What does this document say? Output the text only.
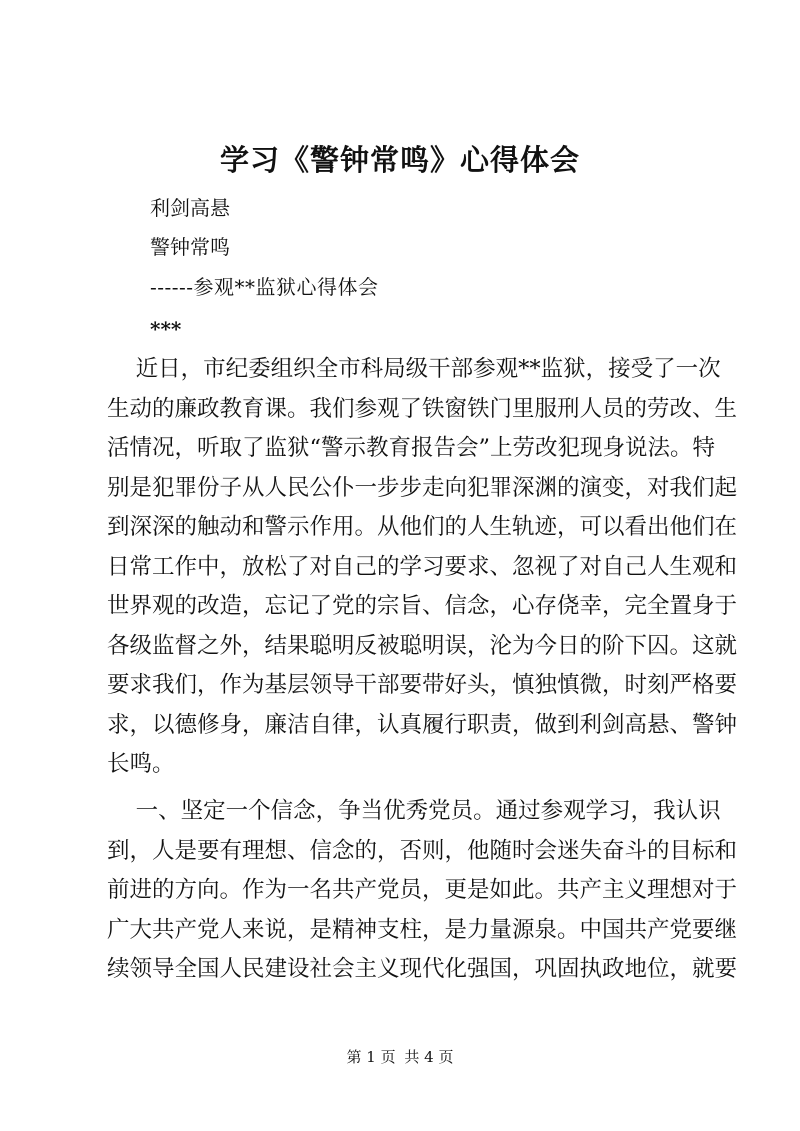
学习《警钟常鸣》心得体会
利剑高悬
警钟常鸣
------参观**监狱心得体会
***
近日，市纪委组织全市科局级干部参观**监狱，接受了一次
生动的廉政教育课。我们参观了铁窗铁门里服刑人员的劳改、生
活情况，听取了监狱“警示教育报告会”上劳改犯现身说法。特
别是犯罪份子从人民公仆一步步走向犯罪深渊的演变，对我们起
到深深的触动和警示作用。从他们的人生轨迹，可以看出他们在
日常工作中，放松了对自己的学习要求、忽视了对自己人生观和
世界观的改造，忘记了党的宗旨、信念，心存侥幸，完全置身于
各级监督之外，结果聪明反被聪明误，沦为今日的阶下囚。这就
要求我们，作为基层领导干部要带好头，慎独慎微，时刻严格要
求，以德修身，廉洁自律，认真履行职责，做到利剑高悬、警钟
长鸣。
一、坚定一个信念，争当优秀党员。通过参观学习，我认识
到，人是要有理想、信念的，否则，他随时会迷失奋斗的目标和
前进的方向。作为一名共产党员，更是如此。共产主义理想对于
广大共产党人来说，是精神支柱，是力量源泉。中国共产党要继
续领导全国人民建设社会主义现代化强国，巩固执政地位，就要
第 1 页 共 4 页
